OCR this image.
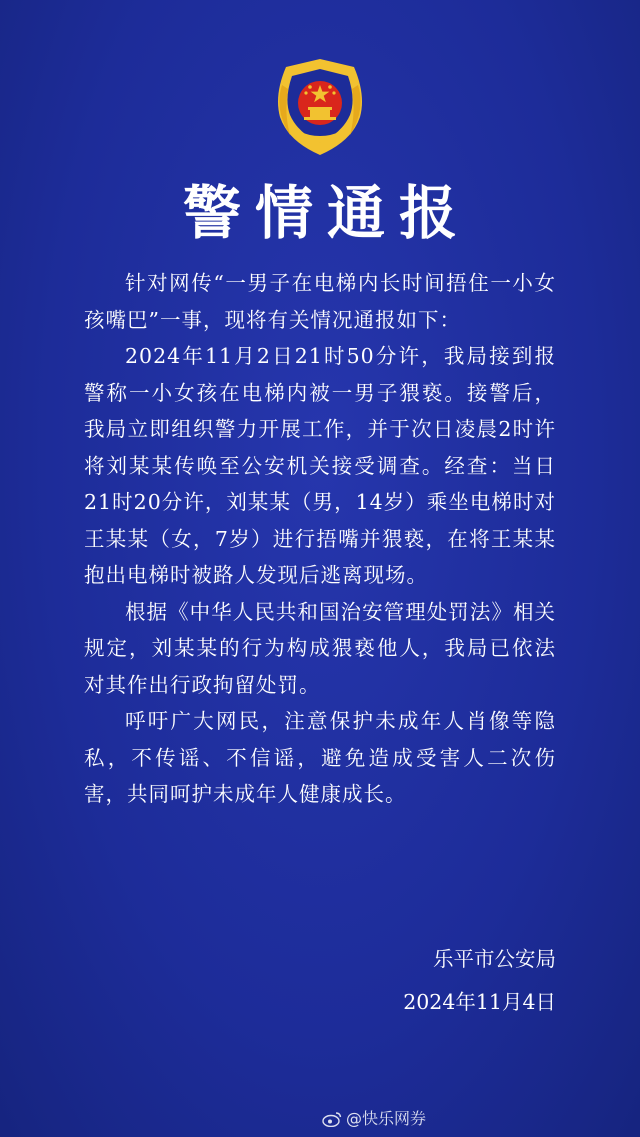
警情通报

针对网传“一男子在电梯内长时间捂住一小女孩嘴巴”一事，现将有关情况通报如下：

2024年11月2日21时50分许，我局接到报警称一小女孩在电梯内被一男子猥亵。接警后，我局立即组织警力开展工作，并于次日凌晨2时许将刘某某传唤至公安机关接受调查。经查：当日21时20分许，刘某某（男，14岁）乘坐电梯时对王某某（女，7岁）进行捂嘴并猥亵，在将王某某抱出电梯时被路人发现后逃离现场。

根据《中华人民共和国治安管理处罚法》相关规定，刘某某的行为构成猥亵他人，我局已依法对其作出行政拘留处罚。

呼吁广大网民，注意保护未成年人肖像等隐私，不传谣、不信谣，避免造成受害人二次伤害，共同呵护未成年人健康成长。

乐平市公安局
2024年11月4日
@快乐网券
